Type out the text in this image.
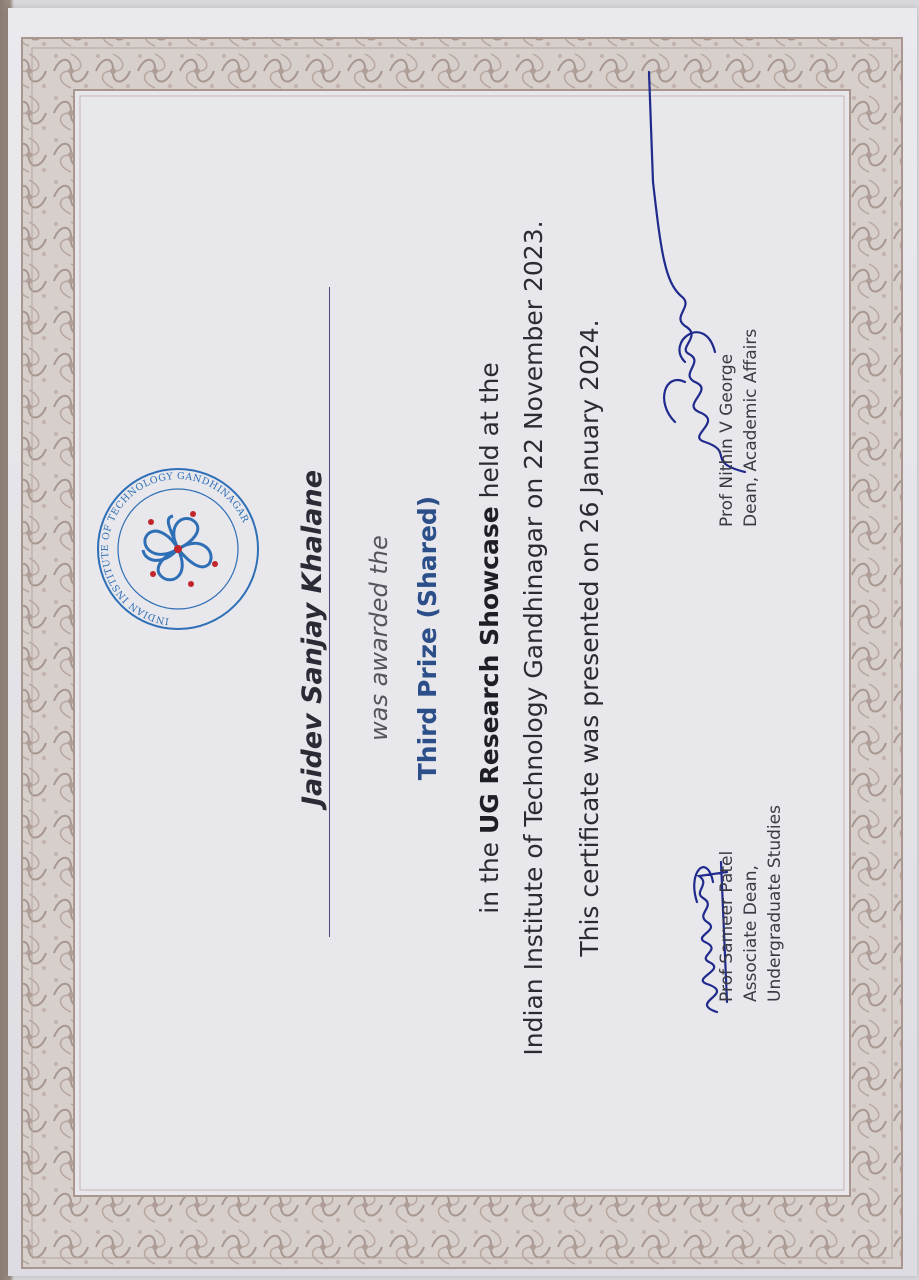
INDIAN INSTITUTE OF TECHNOLOGY GANDHINAGAR Jaidev Sanjay Khalane was awarded the Third Prize (Shared)
in the UG Research Showcase held at the Indian Institute of Technology Gandhinagar on 22 November 2023. This certificate was presented on 26 January 2024.	Prof Sameer Patel Associate Dean, Undergraduate Studies
Prof Nithin V George Dean, Academic Affairs
